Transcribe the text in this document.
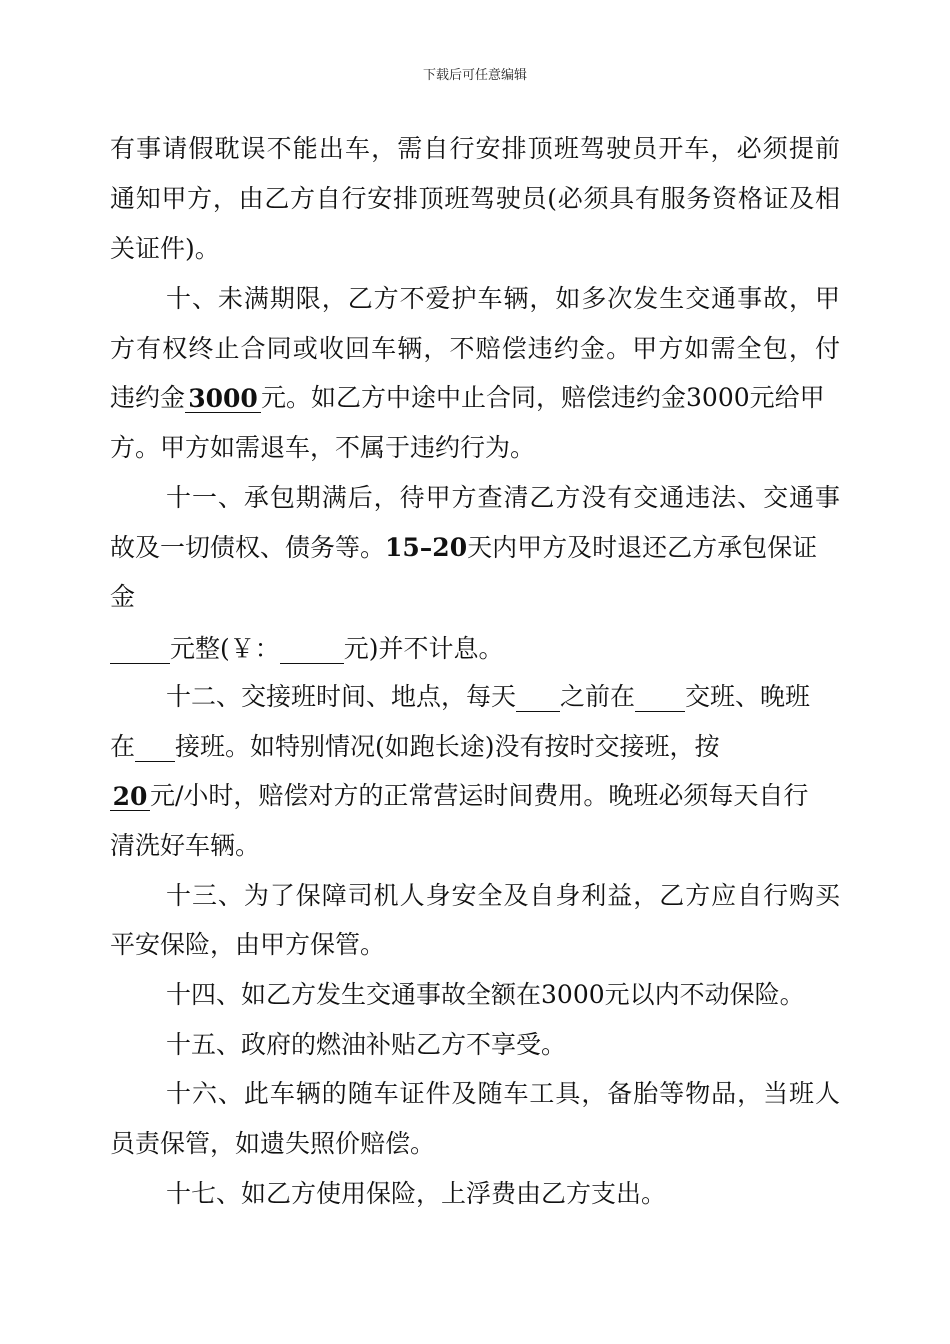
下载后可任意编辑
有事请假耽误不能出车，需自行安排顶班驾驶员开车，必须提前
通知甲方，由乙方自行安排顶班驾驶员(必须具有服务资格证及相
关证件)。
十、未满期限，乙方不爱护车辆，如多次发生交通事故，甲
方有权终止合同或收回车辆，不赔偿违约金。甲方如需全包，付
违约金 3000 元。如乙方中途中止合同，赔偿违约金3000元给甲
方。甲方如需退车，不属于违约行为。
十一、承包期满后，待甲方查清乙方没有交通违法、交通事
故及一切债权、债务等。15–20天内甲方及时退还乙方承包保证
金
元整(￥：	元)并不计息。
十二、交接班时间、地点，每天 之前在 交班、晚班
在 接班。如特别情况(如跑长途)没有按时交接班，按
20 元/小时，赔偿对方的正常营运时间费用。晚班必须每天自行
清洗好车辆。
十三、为了保障司机人身安全及自身利益，乙方应自行购买
平安保险，由甲方保管。
十四、如乙方发生交通事故全额在3000元以内不动保险。
十五、政府的燃油补贴乙方不享受。
十六、此车辆的随车证件及随车工具，备胎等物品，当班人
员责保管，如遗失照价赔偿。
十七、如乙方使用保险，上浮费由乙方支出。
